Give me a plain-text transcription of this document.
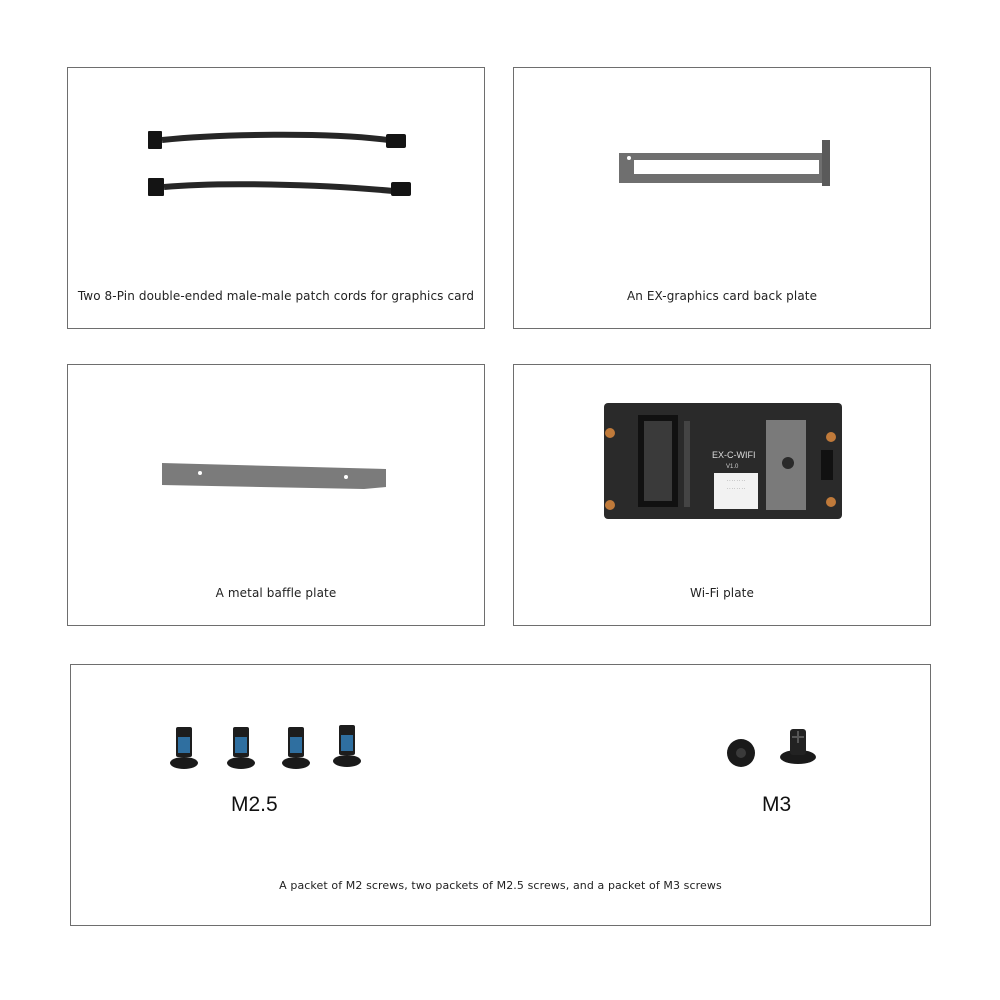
Two 8-Pin double-ended male-male patch cords for graphics card	An EX-graphics card back plate
A metal baffle plate
· · · · · · · ·
· · · · · · · ·
EX-C-WIFI
V1.0
Wi-Fi plate
M2.5	M3
A packet of M2 screws, two packets of M2.5 screws, and a packet of M3 screws
